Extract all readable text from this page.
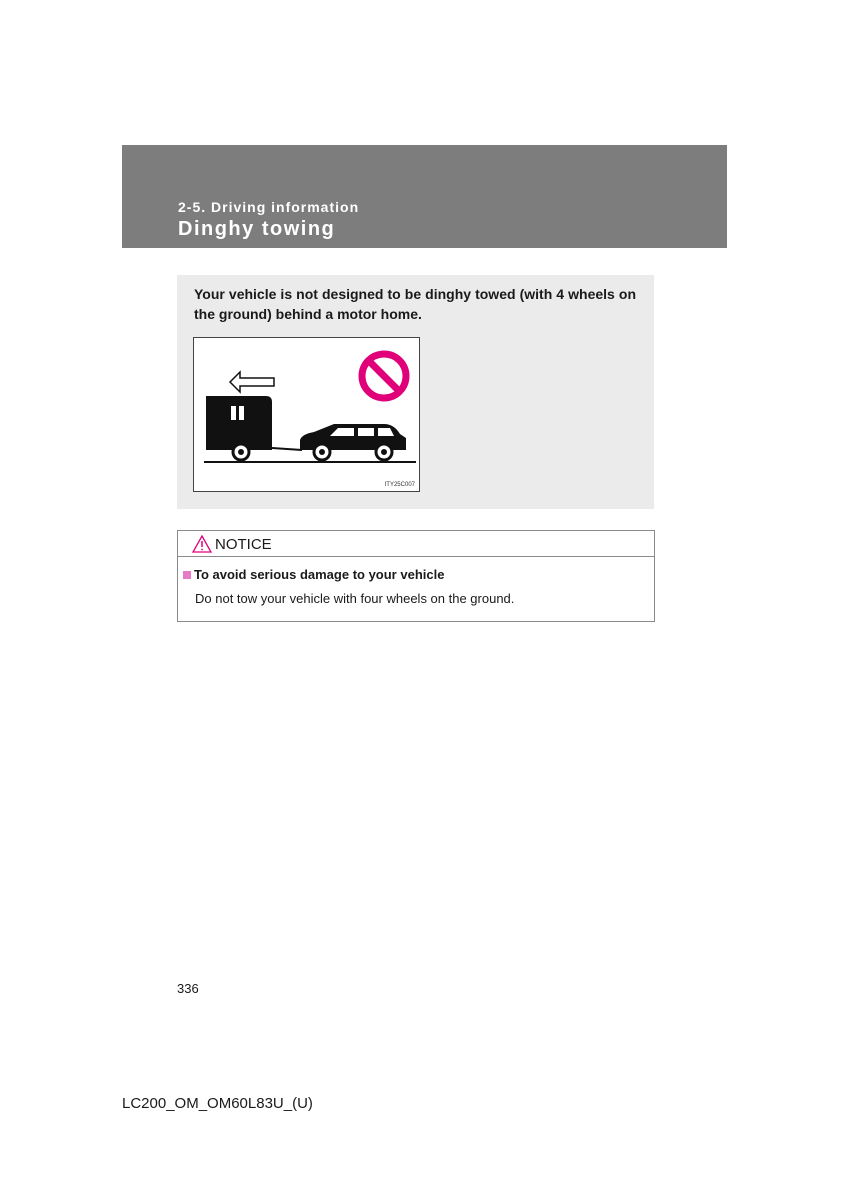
2-5. Driving information
Dinghy towing
Your vehicle is not designed to be dinghy towed (with 4 wheels on the ground) behind a motor home.
ITY25C007
NOTICE
To avoid serious damage to your vehicle
Do not tow your vehicle with four wheels on the ground.
336
LC200_OM_OM60L83U_(U)
